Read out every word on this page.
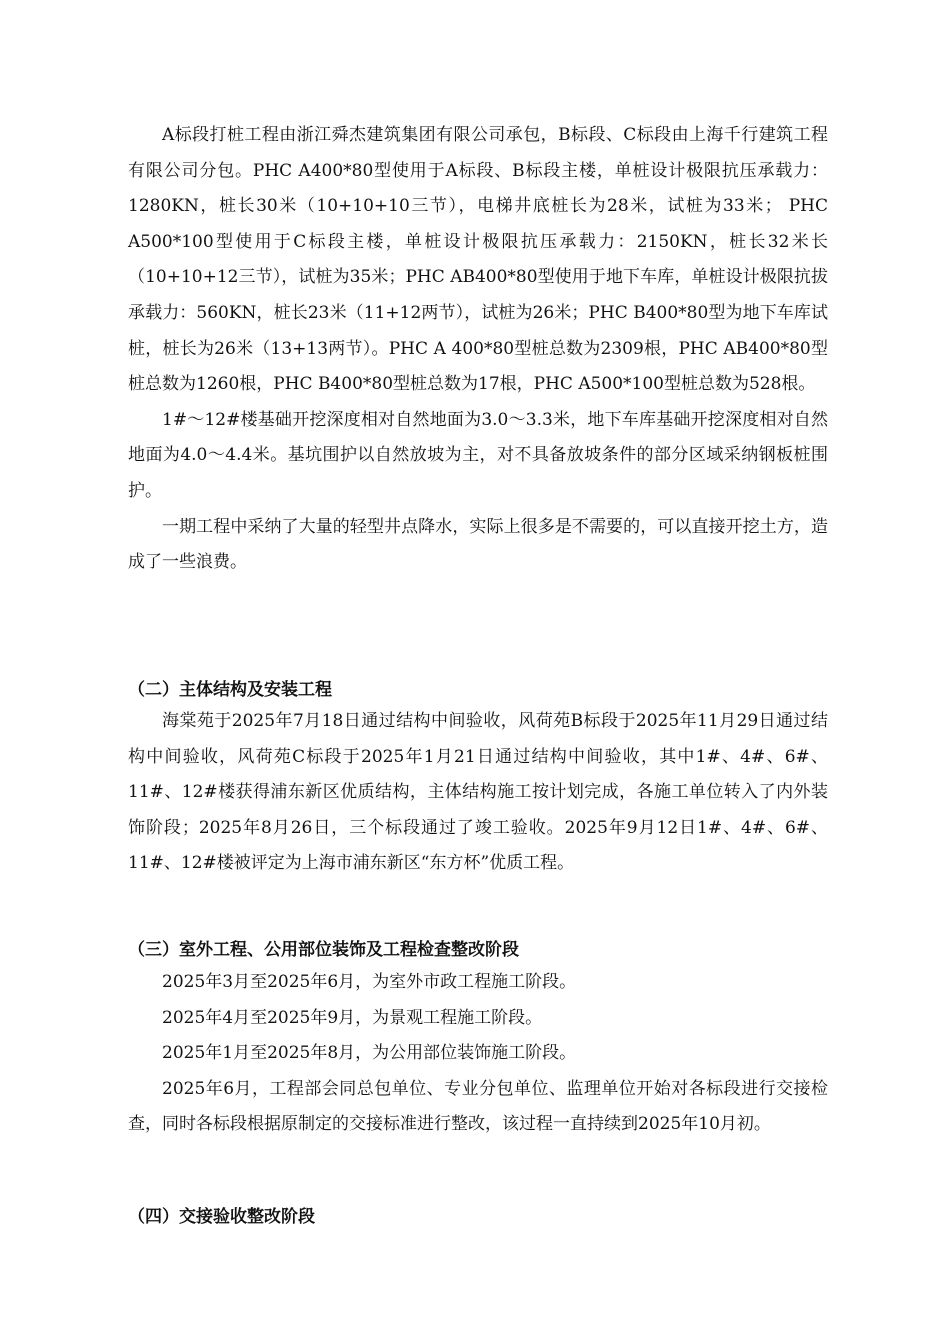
A标段打桩工程由浙江舜杰建筑集团有限公司承包，B标段、C标段由上海千行建筑工程有限公司分包。PHC A400*80型使用于A标段、B标段主楼，单桩设计极限抗压承载力：1280KN，桩长30米（10+10+10三节），电梯井底桩长为28米，试桩为33米； PHC A500*100型使用于C标段主楼，单桩设计极限抗压承载力：2150KN，桩长32米长（10+10+12三节），试桩为35米；PHC AB400*80型使用于地下车库，单桩设计极限抗拔承载力：560KN，桩长23米（11+12两节），试桩为26米；PHC B400*80型为地下车库试桩，桩长为26米（13+13两节）。PHC A 400*80型桩总数为2309根，PHC AB400*80型桩总数为1260根，PHC B400*80型桩总数为17根，PHC A500*100型桩总数为528根。

1#～12#楼基础开挖深度相对自然地面为3.0～3.3米，地下车库基础开挖深度相对自然地面为4.0～4.4米。基坑围护以自然放坡为主，对不具备放坡条件的部分区域采纳钢板桩围护。

一期工程中采纳了大量的轻型井点降水，实际上很多是不需要的，可以直接开挖土方，造成了一些浪费。

（二）主体结构及安装工程

海棠苑于2025年7月18日通过结构中间验收，风荷苑B标段于2025年11月29日通过结构中间验收，风荷苑C标段于2025年1月21日通过结构中间验收，其中1#、4#、6#、11#、12#楼获得浦东新区优质结构，主体结构施工按计划完成，各施工单位转入了内外装饰阶段；2025年8月26日，三个标段通过了竣工验收。2025年9月12日1#、4#、6#、11#、12#楼被评定为上海市浦东新区“东方杯”优质工程。

（三）室外工程、公用部位装饰及工程检查整改阶段

2025年3月至2025年6月，为室外市政工程施工阶段。

2025年4月至2025年9月，为景观工程施工阶段。

2025年1月至2025年8月，为公用部位装饰施工阶段。

2025年6月，工程部会同总包单位、专业分包单位、监理单位开始对各标段进行交接检查，同时各标段根据原制定的交接标准进行整改，该过程一直持续到2025年10月初。

（四）交接验收整改阶段
